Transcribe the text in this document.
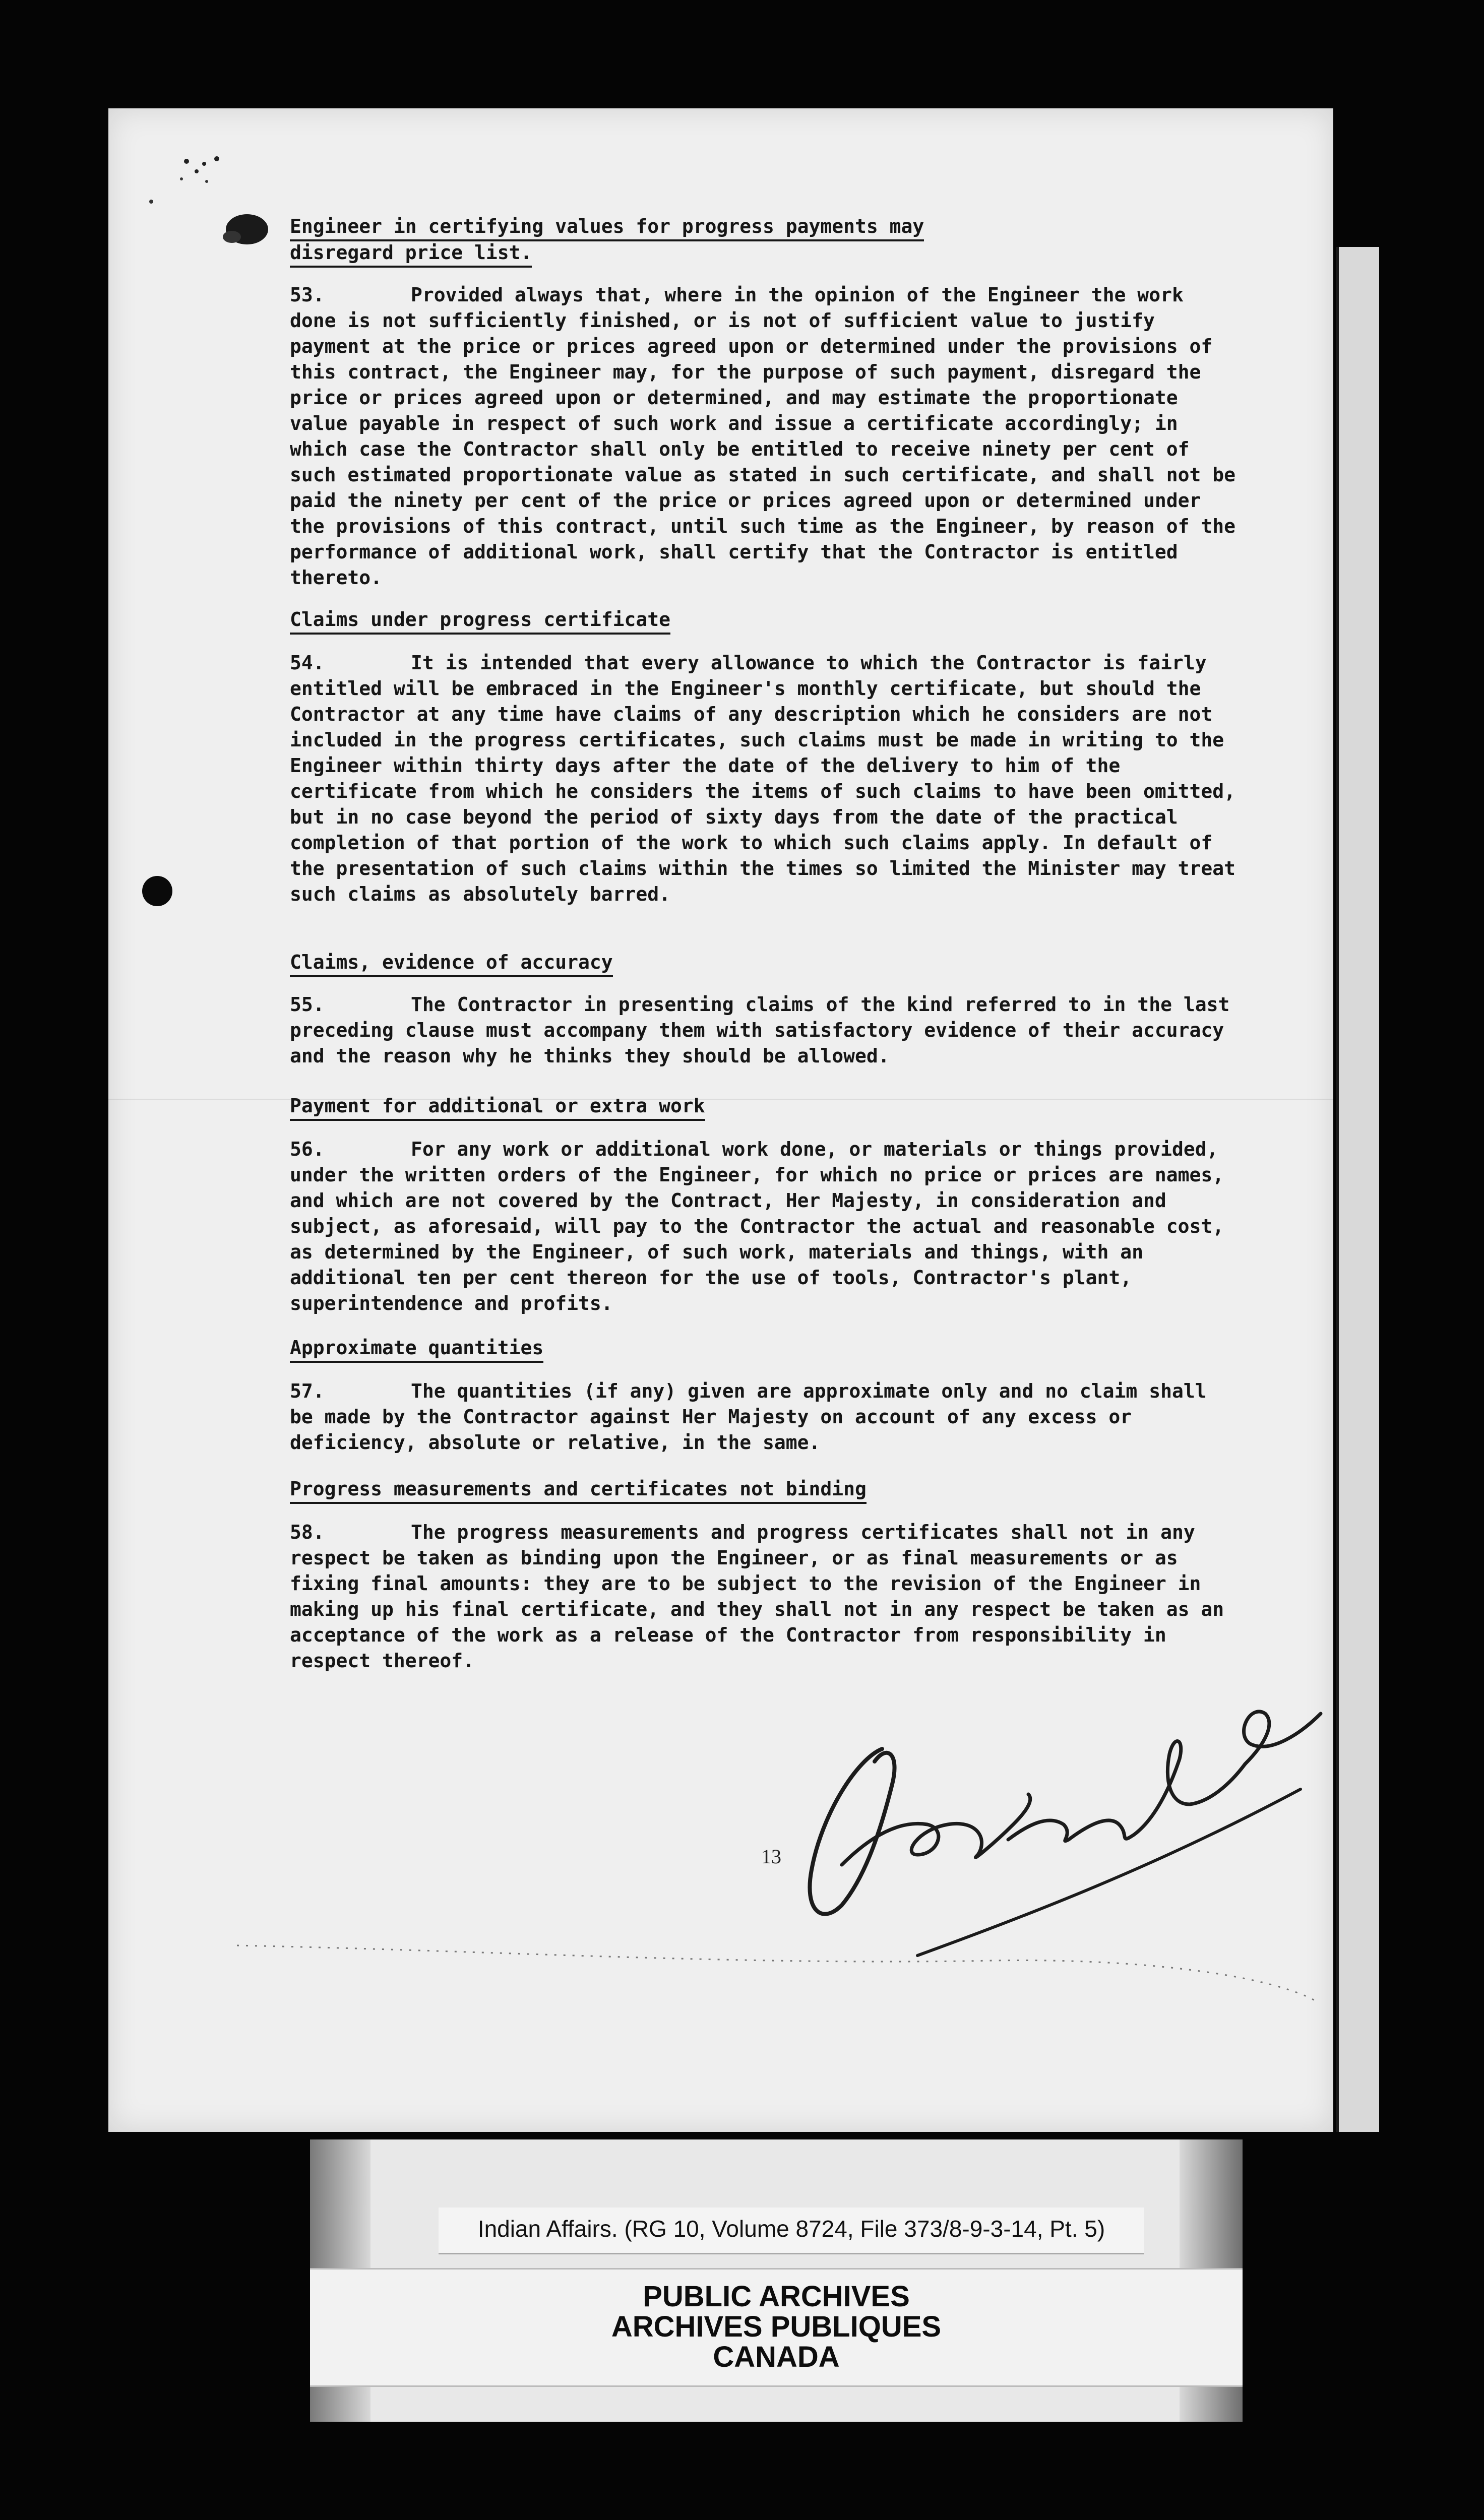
Engineer in certifying values for progress payments may
disregard price list.

53.	Provided always that, where in the opinion of the Engineer the work done is not sufficiently finished, or is not of sufficient value to justify payment at the price or prices agreed upon or determined under the provisions of this contract, the Engineer may, for the purpose of such payment, disregard the price or prices agreed upon or determined, and may estimate the proportionate value payable in respect of such work and issue a certificate accordingly; in which case the Contractor shall only be entitled to receive ninety per cent of such estimated proportionate value as stated in such certificate, and shall not be paid the ninety per cent of the price or prices agreed upon or determined under the provisions of this contract, until such time as the Engineer, by reason of the performance of additional work, shall certify that the Contractor is entitled thereto.

Claims under progress certificate

54.	It is intended that every allowance to which the Contractor is fairly entitled will be embraced in the Engineer's monthly certificate, but should the Contractor at any time have claims of any description which he considers are not included in the progress certificates, such claims must be made in writing to the Engineer within thirty days after the date of the delivery to him of the certificate from which he considers the items of such claims to have been omitted, but in no case beyond the period of sixty days from the date of the practical completion of that portion of the work to which such claims apply. In default of the presentation of such claims within the times so limited the Minister may treat such claims as absolutely barred.

Claims, evidence of accuracy

55.	The Contractor in presenting claims of the kind referred to in the last preceding clause must accompany them with satisfactory evidence of their accuracy and the reason why he thinks they should be allowed.

Payment for additional or extra work

56.	For any work or additional work done, or materials or things provided, under the written orders of the Engineer, for which no price or prices are names, and which are not covered by the Contract, Her Majesty, in consideration and subject, as aforesaid, will pay to the Contractor the actual and reasonable cost, as determined by the Engineer, of such work, materials and things, with an additional ten per cent thereon for the use of tools, Contractor's plant, superintendence and profits.

Approximate quantities

57.	The quantities (if any) given are approximate only and no claim shall be made by the Contractor against Her Majesty on account of any excess or deficiency, absolute or relative, in the same.

Progress measurements and certificates not binding

58.	The progress measurements and progress certificates shall not in any respect be taken as binding upon the Engineer, or as final measurements or as fixing final amounts: they are to be subject to the revision of the Engineer in making up his final certificate, and they shall not in any respect be taken as an acceptance of the work as a release of the Contractor from responsibility in respect thereof.

13
Indian Affairs. (RG 10, Volume 8724, File 373/8-9-3-14, Pt. 5)
PUBLIC ARCHIVES
ARCHIVES PUBLIQUES
CANADA
